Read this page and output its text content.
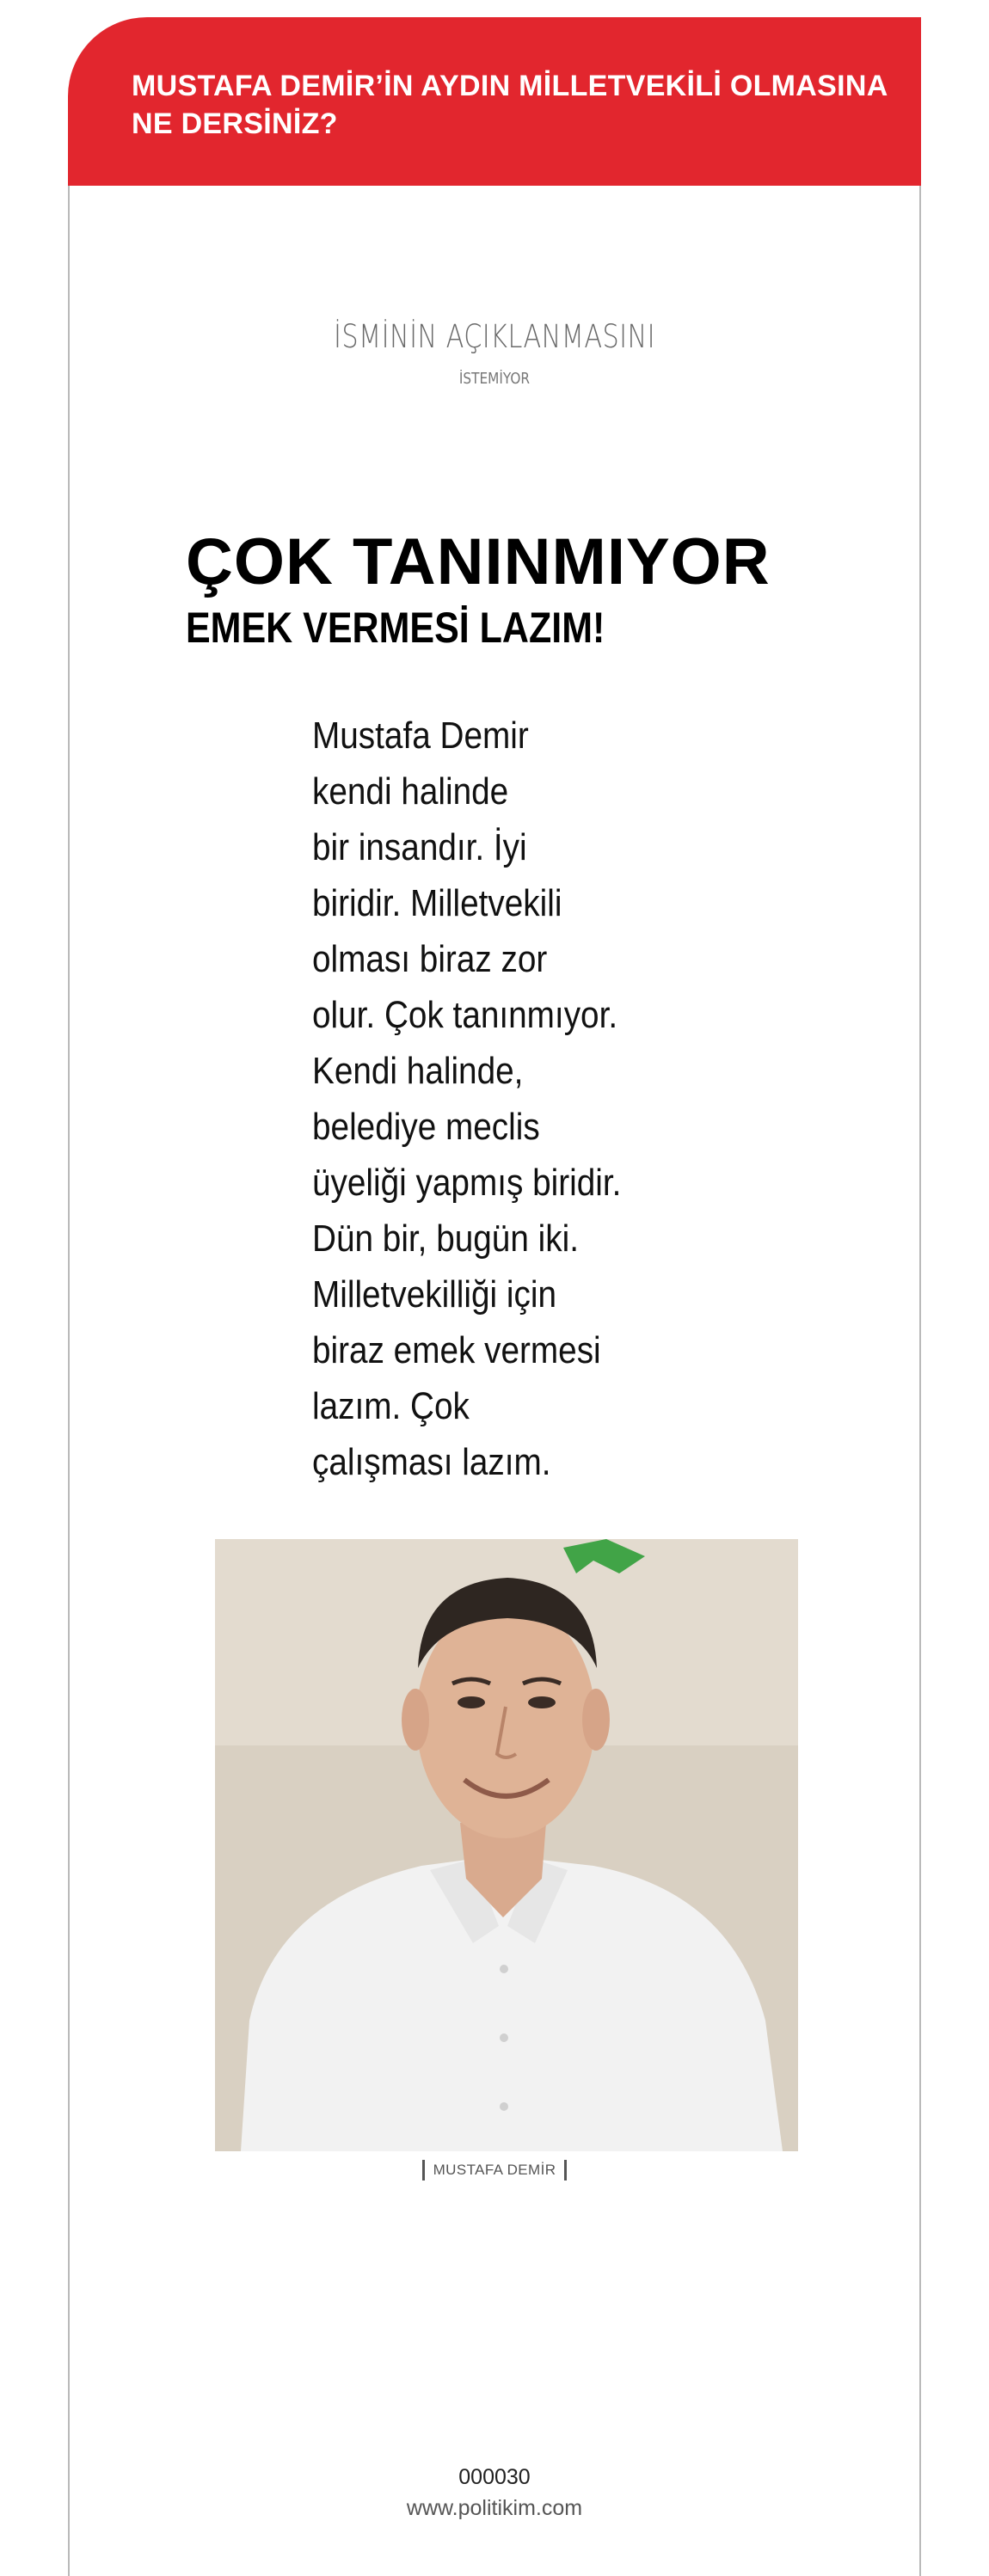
MUSTAFA DEMİR’İN AYDIN MİLLETVEKİLİ OLMASINA NE DERSİNİZ?
İSMİNİN AÇIKLANMASINI
İSTEMİYOR
ÇOK TANINMIYOR
EMEK VERMESİ LAZIM!
Mustafa Demir
kendi halinde
bir insandır. İyi
biridir. Milletvekili
olması biraz zor
olur. Çok tanınmıyor.
Kendi halinde,
belediye meclis
üyeliği yapmış biridir.
Dün bir, bugün iki.
Milletvekilliği için
biraz emek vermesi
lazım. Çok
çalışması lazım.
MUSTAFA DEMİR
000030
www.politikim.com
